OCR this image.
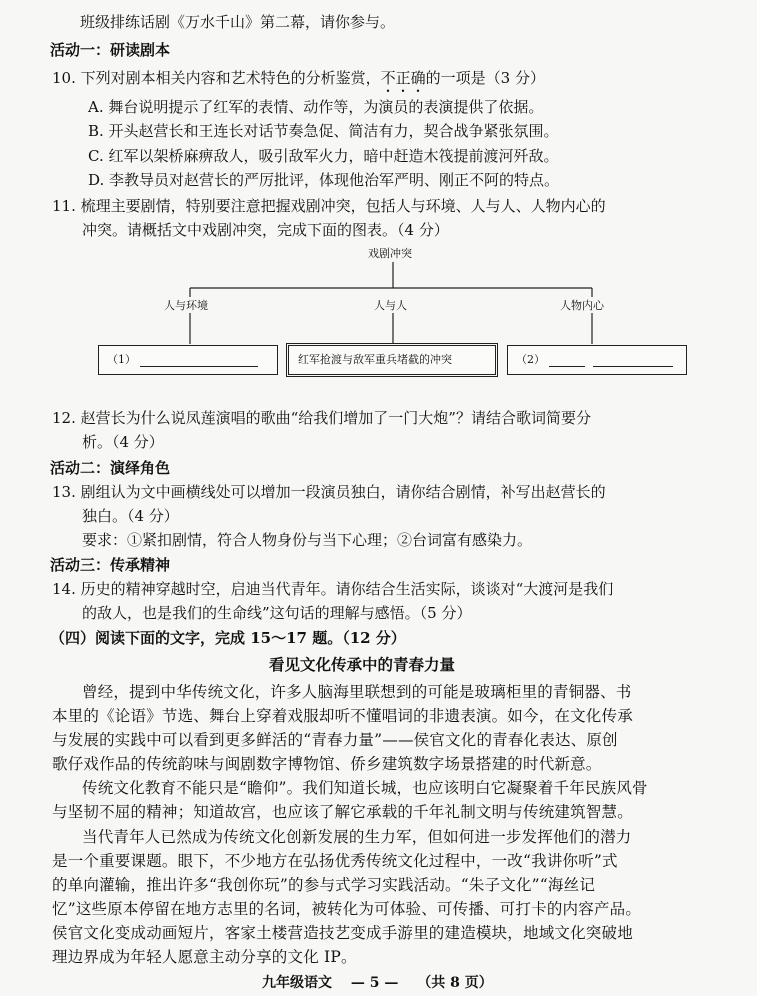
班级排练话剧《万水千山》第二幕，请你参与。
活动一：研读剧本
10. 下列对剧本相关内容和艺术特色的分析鉴赏，不正确的一项是（3 分）
A. 舞台说明提示了红军的表情、动作等，为演员的表演提供了依据。
B. 开头赵营长和王连长对话节奏急促、简洁有力，契合战争紧张氛围。
C. 红军以架桥麻痹敌人，吸引敌军火力，暗中赶造木筏提前渡河歼敌。
D. 李教导员对赵营长的严厉批评，体现他治军严明、刚正不阿的特点。
11. 梳理主要剧情，特别要注意把握戏剧冲突，包括人与环境、人与人、人物内心的
冲突。请概括文中戏剧冲突，完成下面的图表。（4 分）
戏剧冲突
人与环境	人与人	人物内心
（1）	红军抢渡与敌军重兵堵截的冲突	（2）
12. 赵营长为什么说凤莲演唱的歌曲“给我们增加了一门大炮”？请结合歌词简要分
析。（4 分）
活动二：演绎角色
13. 剧组认为文中画横线处可以增加一段演员独白，请你结合剧情，补写出赵营长的
独白。（4 分）
要求：①紧扣剧情，符合人物身份与当下心理；②台词富有感染力。
活动三：传承精神
14. 历史的精神穿越时空，启迪当代青年。请你结合生活实际，谈谈对“大渡河是我们
的敌人，也是我们的生命线”这句话的理解与感悟。（5 分）
（四）阅读下面的文字，完成 15～17 题。（12 分）
看见文化传承中的青春力量
曾经，提到中华传统文化，许多人脑海里联想到的可能是玻璃柜里的青铜器、书
本里的《论语》节选、舞台上穿着戏服却听不懂唱词的非遗表演。如今，在文化传承
与发展的实践中可以看到更多鲜活的“青春力量”——侯官文化的青春化表达、原创
歌仔戏作品的传统韵味与闽剧数字博物馆、侨乡建筑数字场景搭建的时代新意。
传统文化教育不能只是“瞻仰”。我们知道长城，也应该明白它凝聚着千年民族风骨
与坚韧不屈的精神；知道故宫，也应该了解它承载的千年礼制文明与传统建筑智慧。
当代青年人已然成为传统文化创新发展的生力军，但如何进一步发挥他们的潜力
是一个重要课题。眼下，不少地方在弘扬优秀传统文化过程中，一改“我讲你听”式
的单向灌输，推出许多“我创你玩”的参与式学习实践活动。“朱子文化”“海丝记
忆”这些原本停留在地方志里的名词，被转化为可体验、可传播、可打卡的内容产品。
侯官文化变成动画短片，客家土楼营造技艺变成手游里的建造模块，地域文化突破地
理边界成为年轻人愿意主动分享的文化 IP。
九年级语文 — 5 — （共 8 页）
